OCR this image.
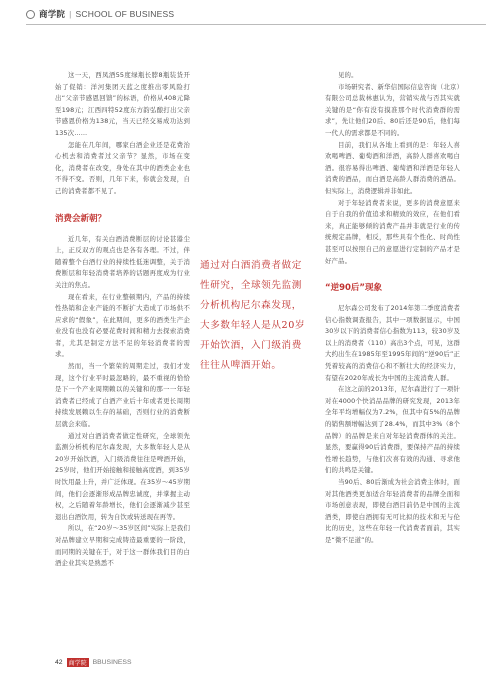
商学院 | SCHOOL OF BUSINESS

这一天，西凤酒55度绿瓶长脖8瓶装货开始了促销：洋河集团天蓝之度推出零风险打出“父亲节感恩回馈”的标语，价格从408元降至198元；江西四特52度东方韵弘酿打出父亲节感恩价格为138元，当天已经交易成功达到135次……

怎能在几年间，哪家白酒企业还是花费治心机去和消费者过父亲节？显然，市场在变化，消费者在改变，身处在其中的酒类企业也不得不变。否则，几年下来，你就会发现，自己的消费者都不见了。

消费会新朝？

近几年，有关白酒消费断层的讨论甚嚣尘上，正反双方的观点也是各有各理。不过，伴随着整个白酒行业的持续性低迷调整，关于消费断层和年轻消费者培养的话题再度成为行业关注的焦点。

现在看来，在行业整顿期内，产品的持续性热销和企业产能的不断扩大造成了市场供不应求的“假象”，在此期间，更多的酒类生产企业没有也没有必要花费时间和精力去探索消费者，尤其是制定方法不足的年轻消费者的需求。

然而，当一个繁荣的周期走过，我们才发现，这个行业平时最忽略的，最不重视的恰恰是下一个产业周期赖以的关键和的那一一年轻消费者已经成了白酒产业后十年或者更长周期持续发展赖以生存的基础，否则行业的消费断层就会来临。

通过对白酒消费者做定性研究，全球领先监测分析机构尼尔森发现，大多数年轻人是从20岁开始饮酒，入门级消费往往是啤酒开始，25岁时，他们开始接触和接触高度酒，到35岁时饮用最上升，并广泛体现。在35岁～45岁期间，他们会逐渐形成品牌忠诚度，并掌握主动权，之后随着年龄增长，他们会逐渐减少甚至退出白酒饮用，转为自饮或转送现在再等。

所以，在“20岁～35岁区间”实际上是我们对品牌建立早期和完成铸造最重要的一阶段，而同期的关键在于，对于这一群体我们目的白酒企业其实是熟悉不

通过对白酒消费者做定性研究，全球领先监测分析机构尼尔森发现，大多数年轻人是从20岁开始饮酒，入门级消费往往从啤酒开始。

见的。

市场研究者、新华信国际信息咨询（北京）有限公司总裁林惠认为，营销实战与否其实就关键的是“你有没有摸准那个时代消费群的需求”，先让他们20后、80后还是90后，他们每一代人的需求都是不同的。

目前，我们从各地上看到的是：年轻人喜欢喝啤酒、葡萄酒和洋酒，高龄人群喜欢喝白酒。很容易得出啤酒、葡萄酒和洋酒是年轻人消费的酒品，而白酒是高龄人群消费的酒品。但实际上，消费逻辑并非如此。

对于年轻消费者来说，更多的消费意愿来自于自我的价值追求和精致的效应，在他们看来，真正能够倾的消费产品并非就是行业的传统规定品牌，相反，那些具有个性化、时尚性甚至可以按照自己的意愿进行定制的产品才是好产品。

“逆90后”现象

尼尔森公司发布了2014年第二季度消费者信心指数调查报告，其中一项数据显示，中国30岁以下的消费者信心指数为113，较30岁及以上的消费者（110）高出3个点，可见，这群大约出生在1985年至1995年间的“逆90后”正凭着较高的消费信心和不断壮大的经济实力，有望在2020年成长为中国的主流消费人群。

在这之前的2013年，尼尔森进行了一项针对在4000个快消品品牌的研究发现，2013年全年平均增幅仅为7.2%，但其中有5%的品牌的销售额增幅达到了28.4%，而其中3%（8个品牌）的品牌是来自对年轻消费群体的关注。显然，要赢得90后消费群，要保持产品的持续性增长趋势，与他们次喜有效的沟通、寻求他们的共鸣是关键。

当90后、80后渐成为社会消费主体时，面对其他酒类更加适合年轻消费者的品牌全面和市场创意表现，即使白酒目前仍是中国的主流酒类，即使白酒拥有无可比拟的技术和无与伦比的历史，这些在年轻一代消费者面前，其实是“微不足道”的。

42	商学院 BBUSINESS
